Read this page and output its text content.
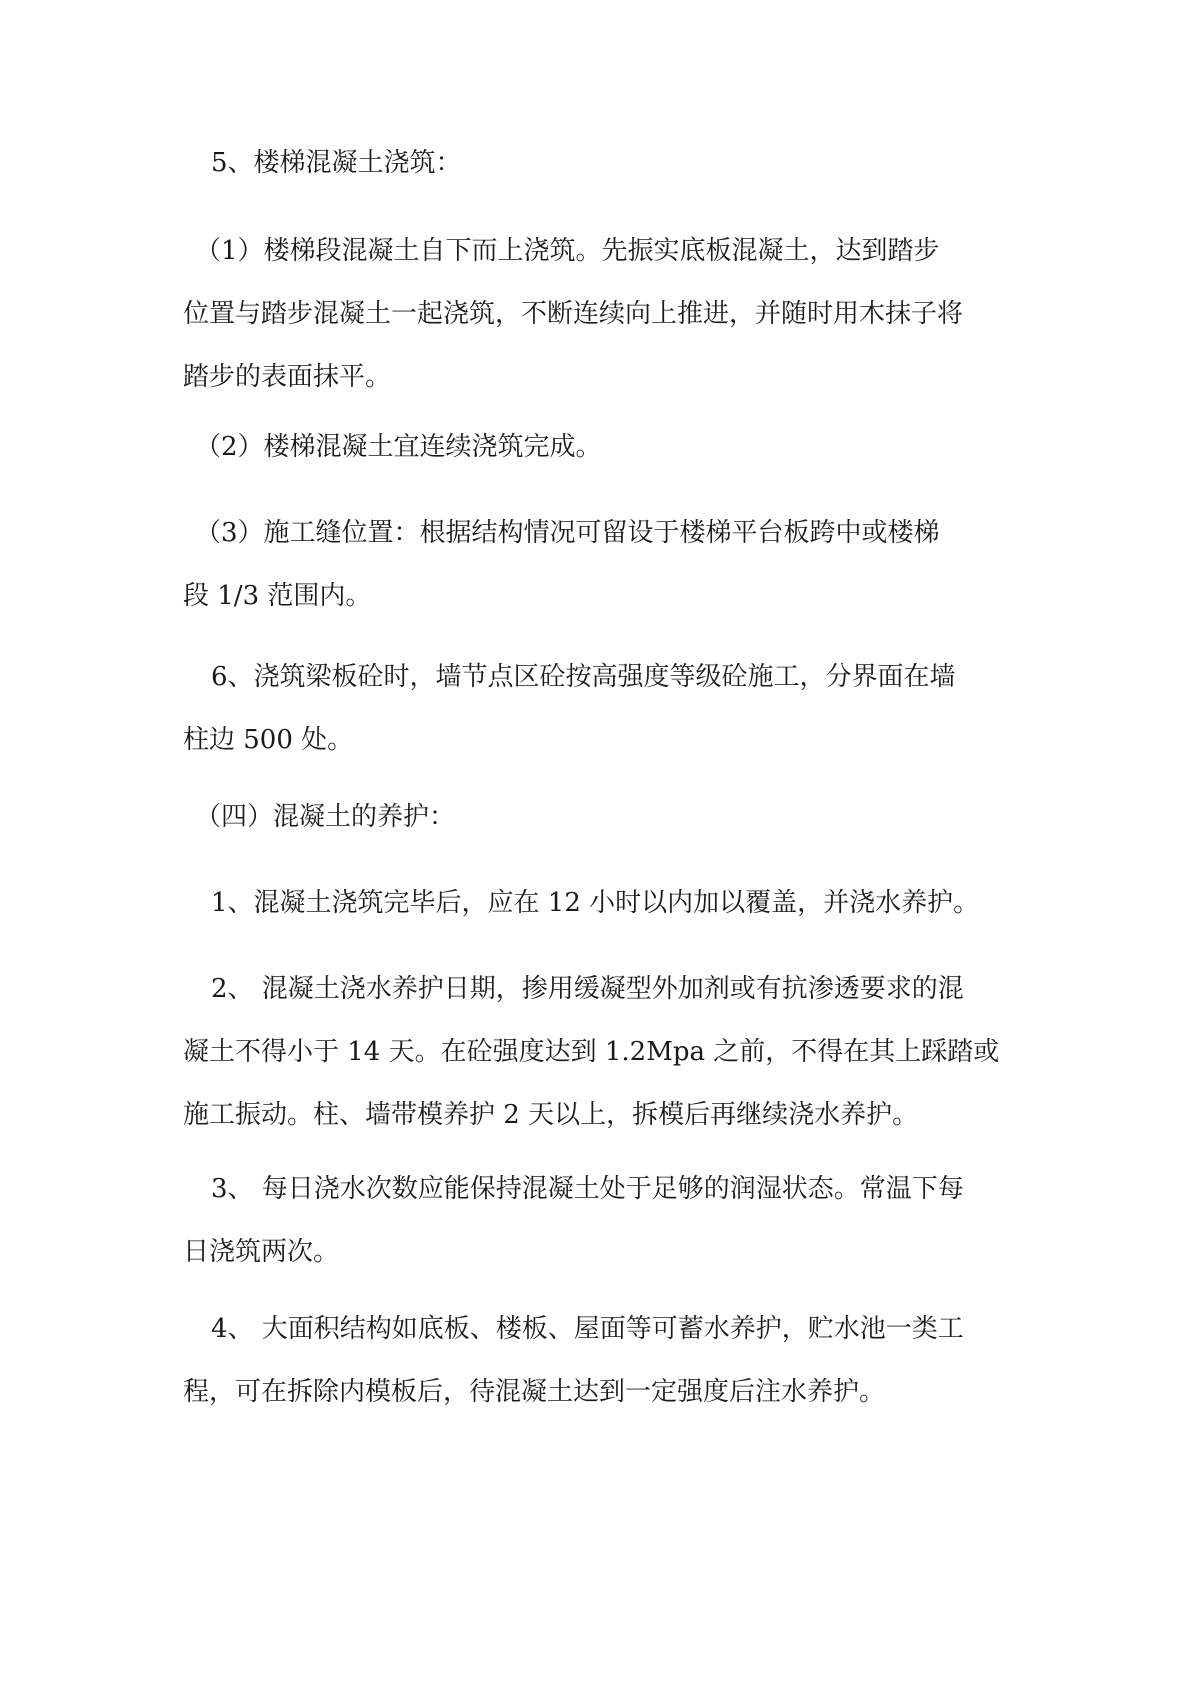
5、楼梯混凝土浇筑：
（1）楼梯段混凝土自下而上浇筑。先振实底板混凝土，达到踏步
位置与踏步混凝土一起浇筑，不断连续向上推进，并随时用木抹子将
踏步的表面抹平。
（2）楼梯混凝土宜连续浇筑完成。
（3）施工缝位置：根据结构情况可留设于楼梯平台板跨中或楼梯
段 1/3 范围内。
6、浇筑梁板砼时，墙节点区砼按高强度等级砼施工，分界面在墙
柱边 500 处。
（四）混凝土的养护：
1、混凝土浇筑完毕后，应在 12 小时以内加以覆盖，并浇水养护。
2、 混凝土浇水养护日期，掺用缓凝型外加剂或有抗渗透要求的混
凝土不得小于 14 天。在砼强度达到 1.2Mpa 之前，不得在其上踩踏或
施工振动。柱、墙带模养护 2 天以上，拆模后再继续浇水养护。
3、 每日浇水次数应能保持混凝土处于足够的润湿状态。常温下每
日浇筑两次。
4、 大面积结构如底板、楼板、屋面等可蓄水养护，贮水池一类工
程，可在拆除内模板后，待混凝土达到一定强度后注水养护。
